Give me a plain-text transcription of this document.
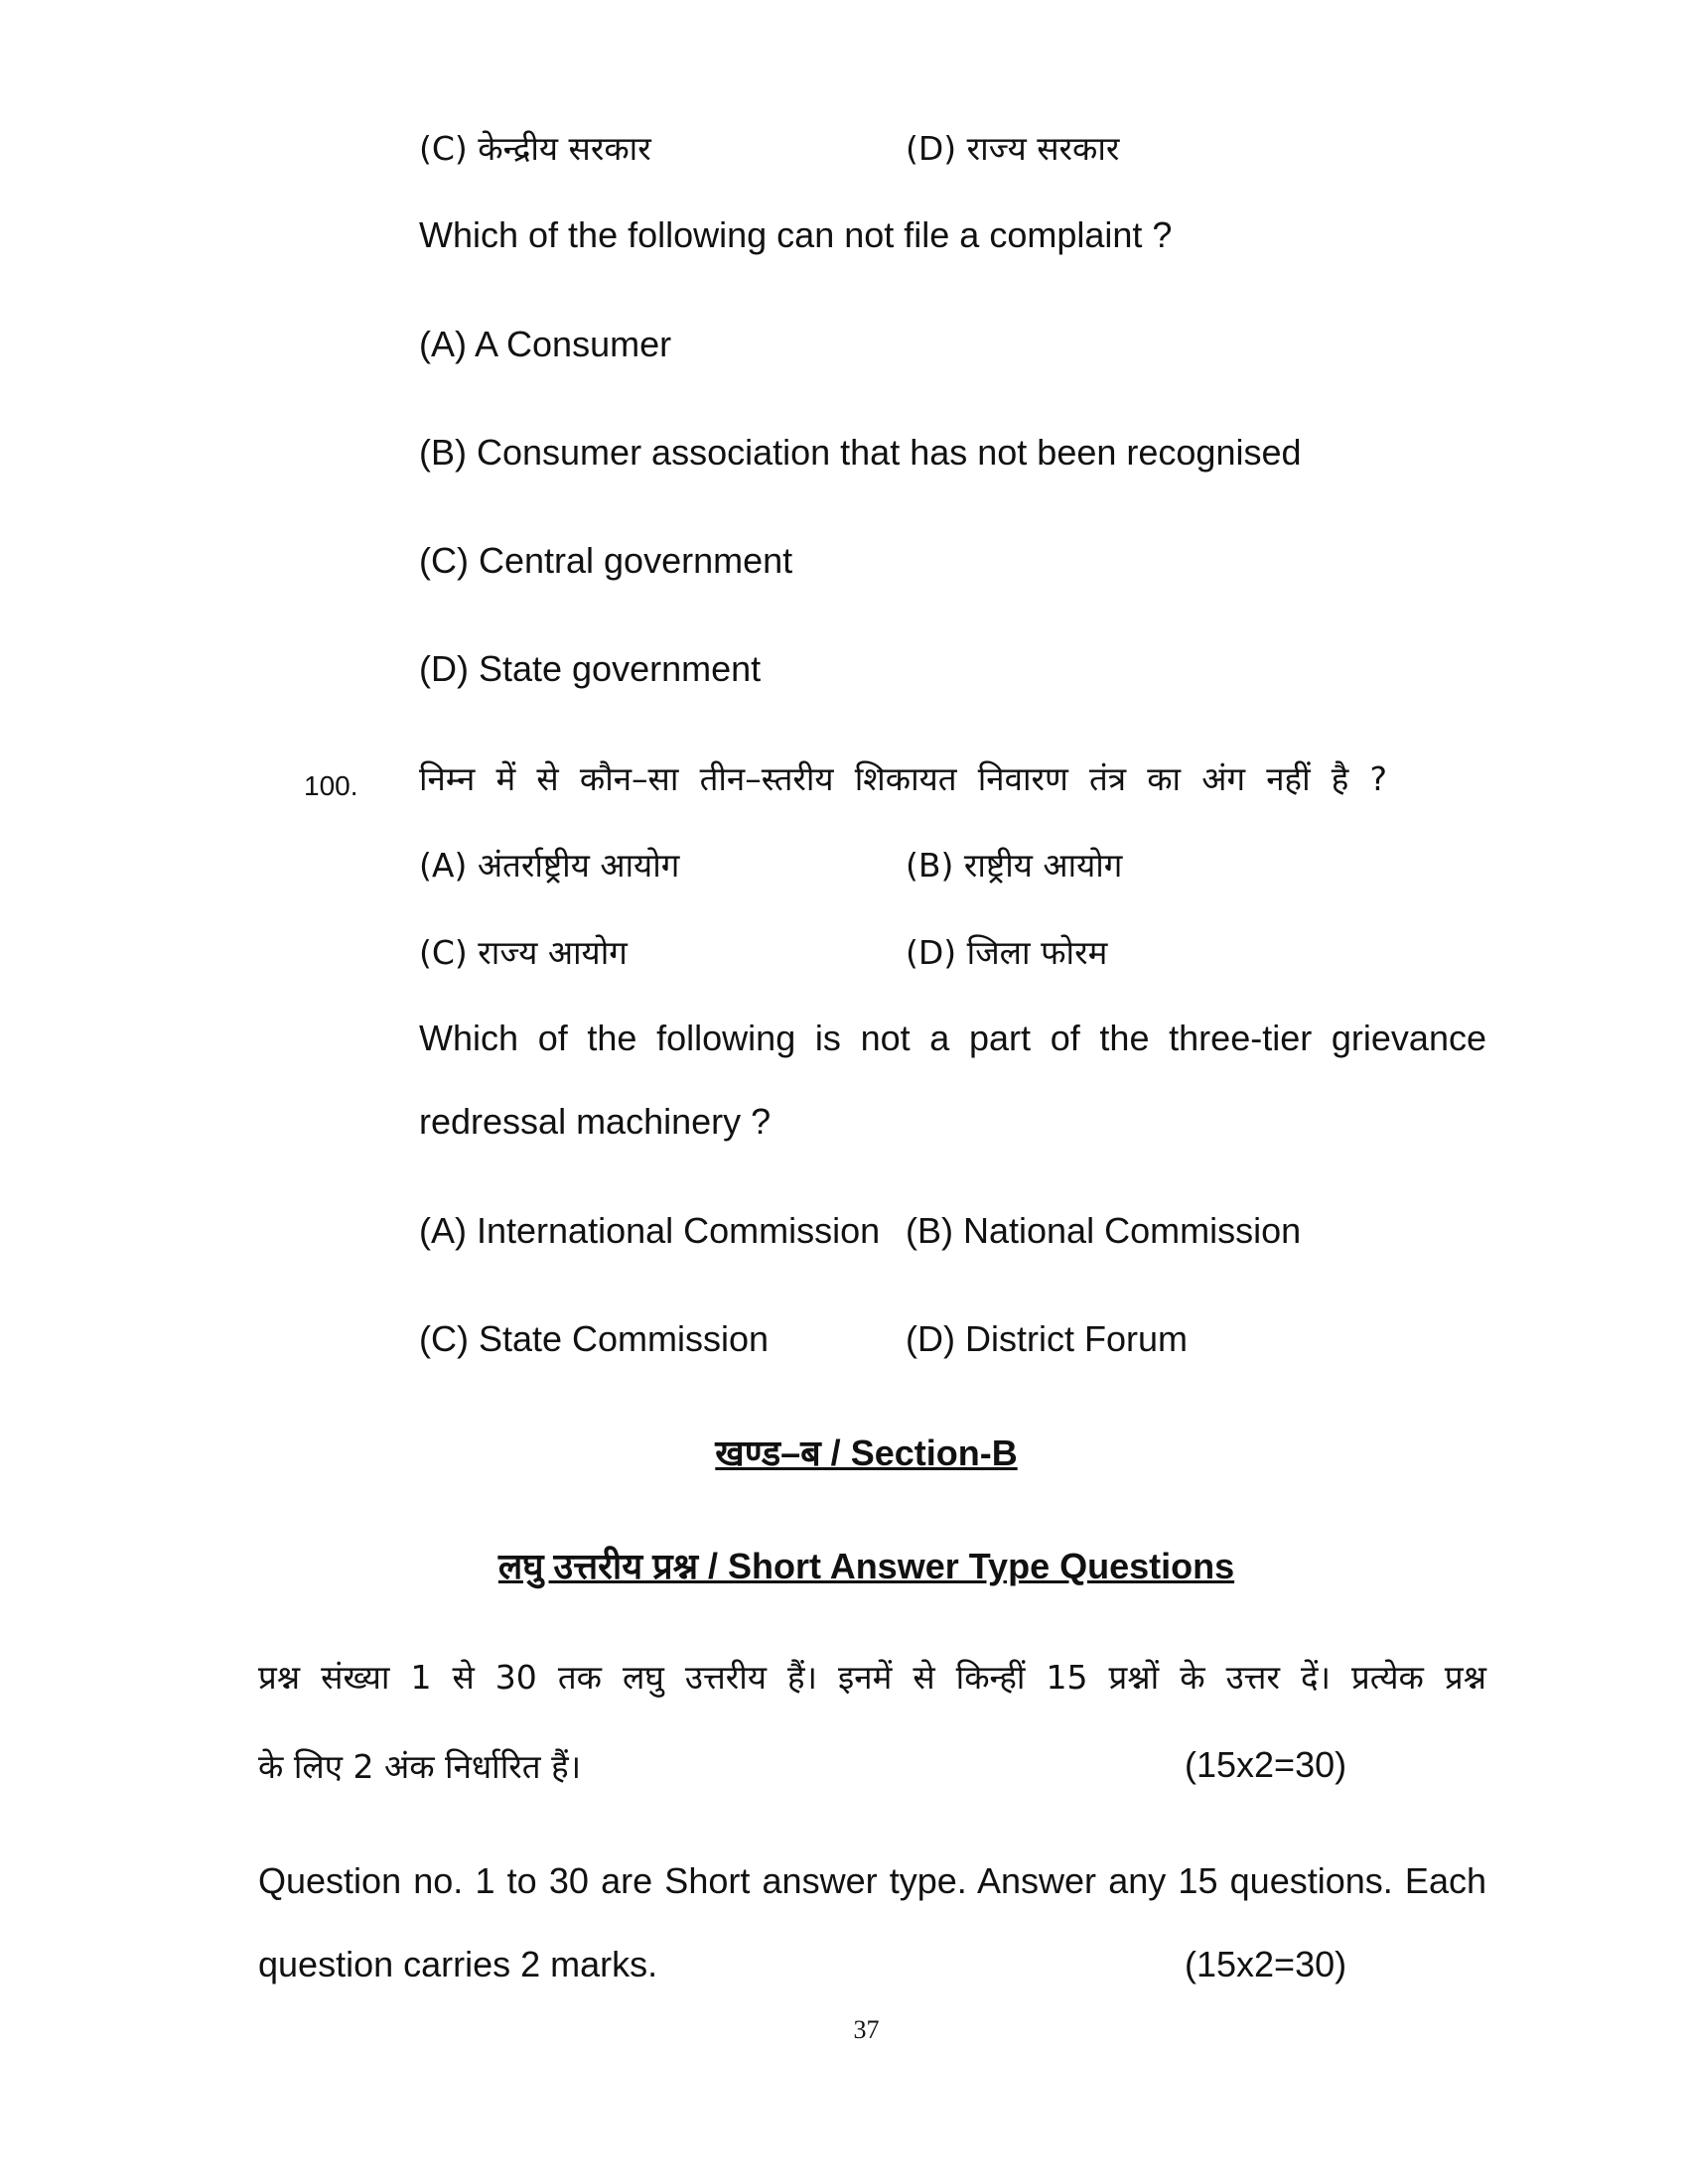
(C) केन्द्रीय सरकार	(D) राज्य सरकार
Which of the following can not file a complaint ?
(A) A Consumer
(B) Consumer association that has not been recognised
(C) Central government
(D) State government
100. निम्न में से कौन–सा तीन–स्तरीय शिकायत निवारण तंत्र का अंग नहीं है ?
(A) अंतर्राष्ट्रीय आयोग	(B) राष्ट्रीय आयोग
(C) राज्य आयोग	(D) जिला फोरम
Which of the following is not a part of the three-tier grievance
redressal machinery ?
(A) International Commission (B) National Commission
(C) State Commission	(D) District Forum
खण्ड–ब / Section-B
लघु उत्तरीय प्रश्न / Short Answer Type Questions
प्रश्न संख्या 1 से 30 तक लघु उत्तरीय हैं। इनमें से किन्हीं 15 प्रश्नों के उत्तर दें। प्रत्येक प्रश्न
के लिए 2 अंक निर्धारित हैं।	(15x2=30)
Question no. 1 to 30 are Short answer type. Answer any 15 questions. Each
question carries 2 marks.	(15x2=30)
37
